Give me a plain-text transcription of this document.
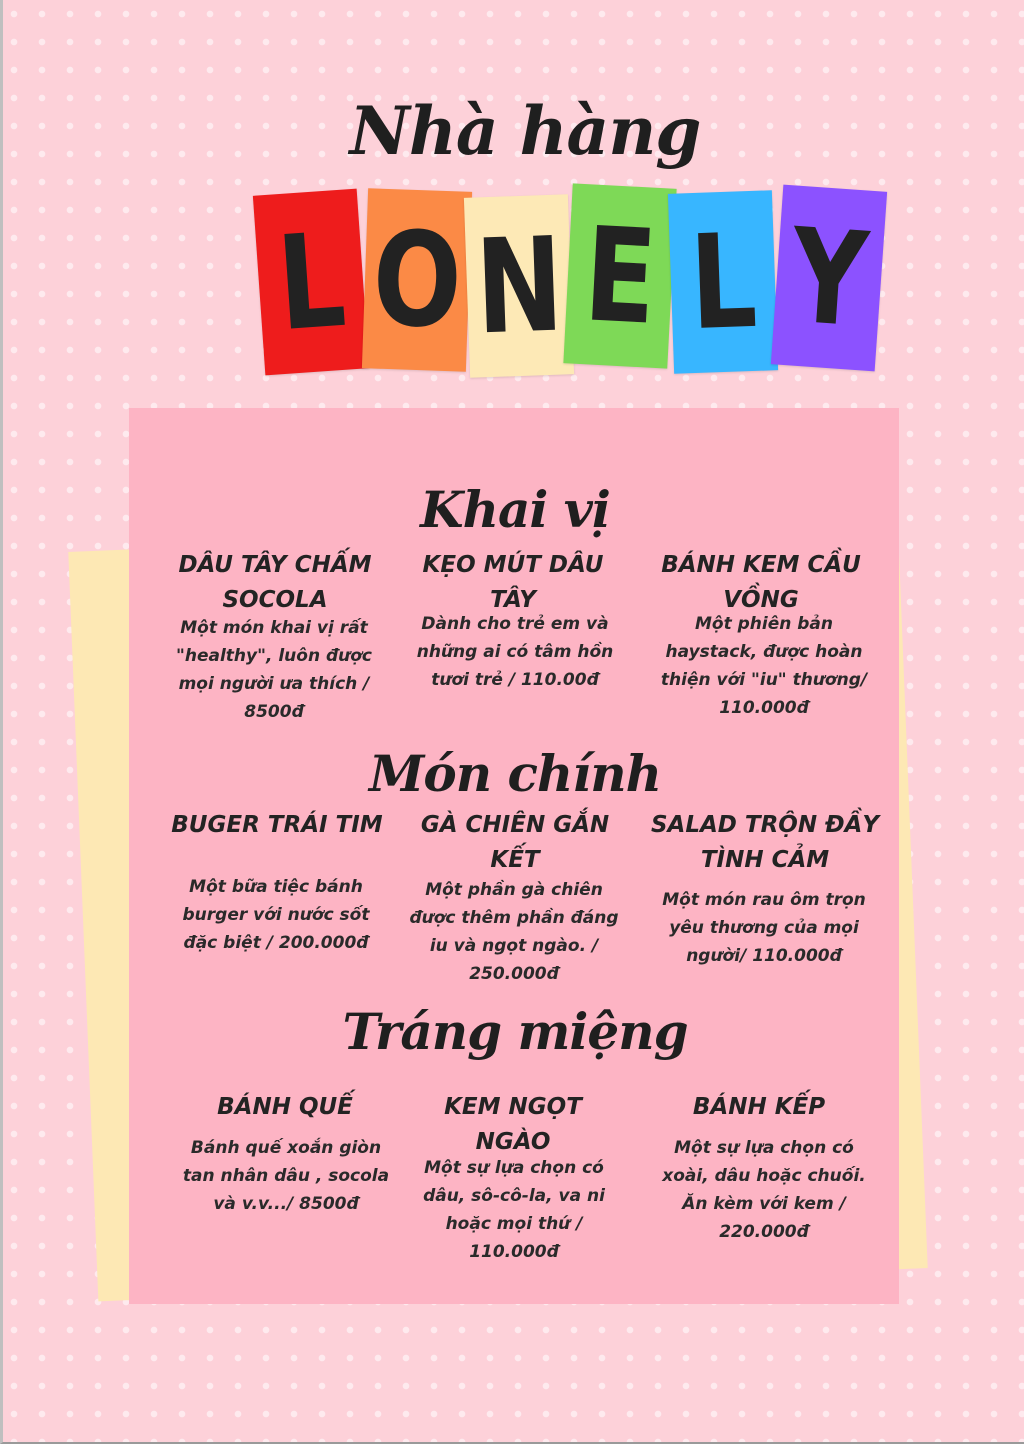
Nhà hàng
L O N E L Y
Khai vị
DÂU TÂY CHẤM SOCOLA
Một món khai vị rất "healthy", luôn được mọi người ưa thích / 8500đ
KẸO MÚT DÂU TÂY
Dành cho trẻ em và những ai có tâm hồn tươi trẻ / 110.00đ
BÁNH KEM CẦU VỒNG
Một phiên bản haystack, được hoàn thiện với "iu" thương/ 110.000đ
Món chính
BUGER TRÁI TIM
Một bữa tiệc bánh burger với nước sốt đặc biệt / 200.000đ
GÀ CHIÊN GẮN KẾT
Một phần gà chiên được thêm phần đáng iu và ngọt ngào. / 250.000đ
SALAD TRỘN ĐẦY TÌNH CẢM
Một món rau ôm trọn yêu thương của mọi người/ 110.000đ
Tráng miệng
BÁNH QUẾ
Bánh quế xoắn giòn tan nhân dâu , socola và v.v.../ 8500đ
KEM NGỌT NGÀO
Một sự lựa chọn có dâu, sô-cô-la, va ni hoặc mọi thứ / 110.000đ
BÁNH KẾP
Một sự lựa chọn có xoài, dâu hoặc chuối. Ăn kèm với kem / 220.000đ
